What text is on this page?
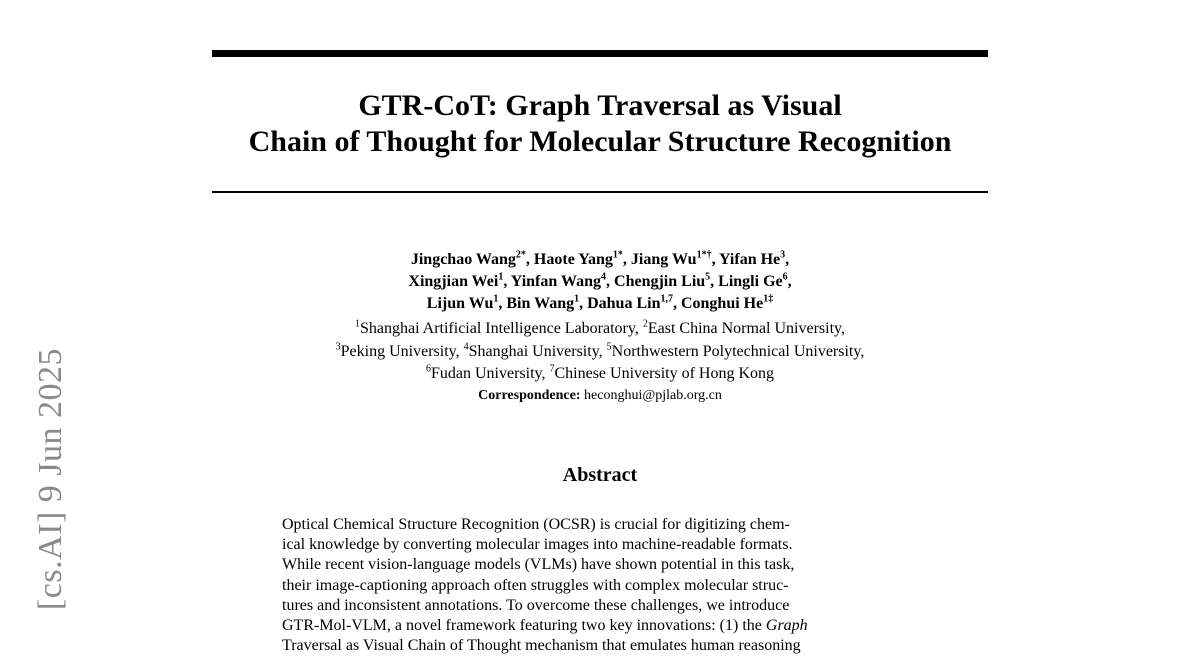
[cs.AI] 9 Jun 2025
GTR-CoT: Graph Traversal as Visual
Chain of Thought for Molecular Structure Recognition
Jingchao Wang$^{2*}$, Haote Yang$^{1*}$, Jiang $Wu^{1*\dagger}$, Yifan He$^3$,
Xingjian Wei$^1$, Yinfan Wang$^4$, Chengjin Liu$^5$, Lingli Ge$^6$,
Lijun Wu$^1$, Bin Wang$^1$, Dahua Lin$^{1,7}$, Conghui $He^{1\ddagger}$
$^1$Shanghai Artificial Intelligence Laboratory, $^2$East China Normal University,
$^3$Peking University, $^4$Shanghai University, $^5$Northwestern Polytechnical University,
$^6$Fudan University, $^7$Chinese University of Hong Kong
Correspondence: heconghui@pjlab.org.cn
Abstract
Optical Chemical Structure Recognition (OCSR) is crucial for digitizing chem-
ical knowledge by converting molecular images into machine-readable formats.
While recent vision-language models (VLMs) have shown potential in this task,
their image-captioning approach often struggles with complex molecular struc-
tures and inconsistent annotations. To overcome these challenges, we introduce
GTR-Mol-VLM, a novel framework featuring two key innovations: (1) the Graph
Traversal as Visual Chain of Thought mechanism that emulates human reasoning
